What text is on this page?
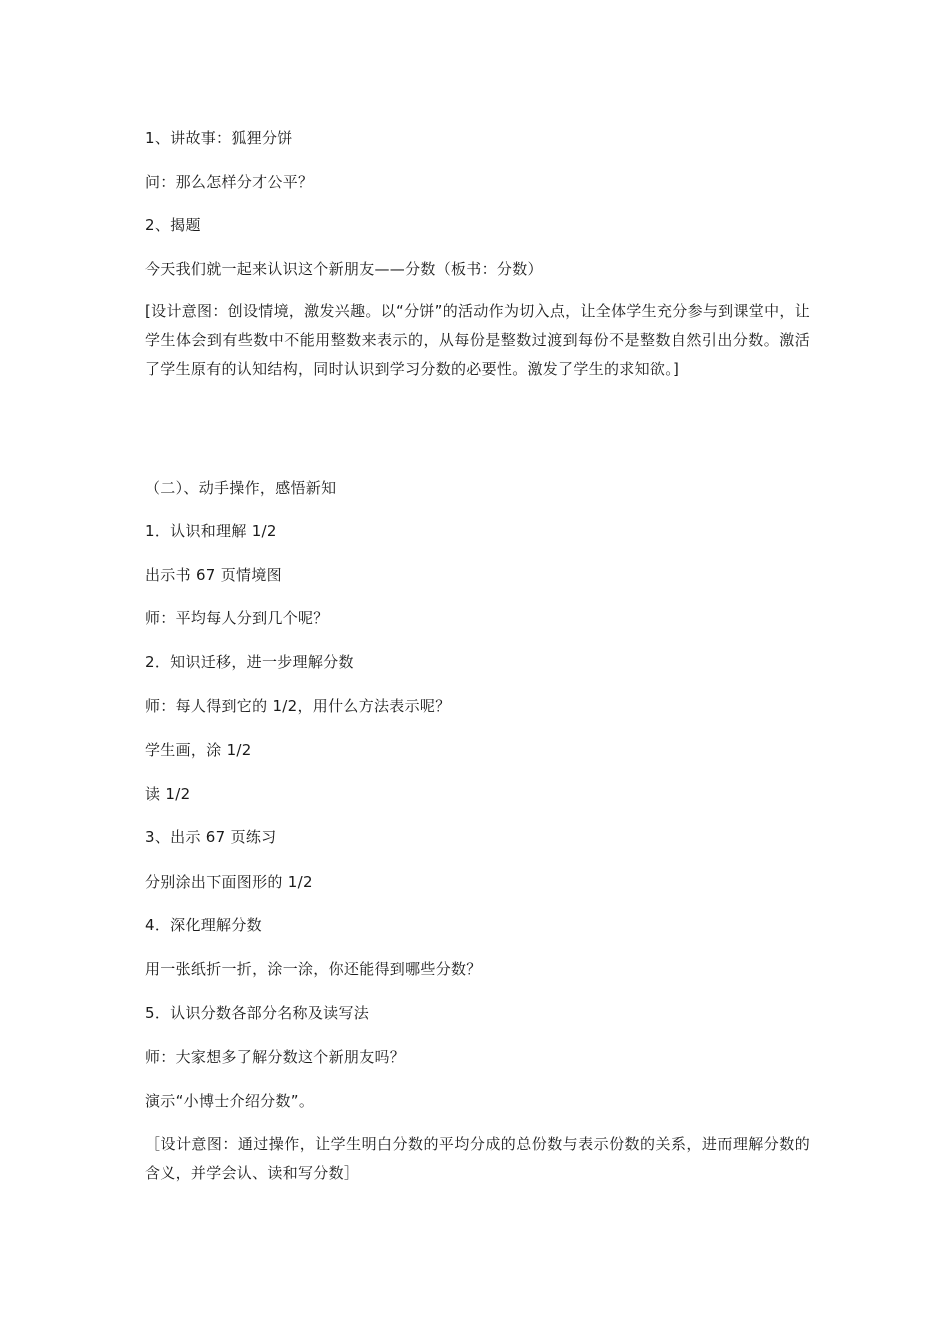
1、讲故事：狐狸分饼
问：那么怎样分才公平？
2、揭题
今天我们就一起来认识这个新朋友——分数（板书：分数）
[设计意图：创设情境，激发兴趣。以“分饼”的活动作为切入点，让全体学生充分参与到课堂中，让学生体会到有些数中不能用整数来表示的，从每份是整数过渡到每份不是整数自然引出分数。激活了学生原有的认知结构，同时认识到学习分数的必要性。激发了学生的求知欲。]
（二）、动手操作，感悟新知
1．认识和理解 1/2
出示书 67 页情境图
师：平均每人分到几个呢？
2．知识迁移，进一步理解分数
师：每人得到它的 1/2，用什么方法表示呢？
学生画，涂 1/2
读 1/2
3、出示 67 页练习
分别涂出下面图形的 1/2
4．深化理解分数
用一张纸折一折，涂一涂，你还能得到哪些分数？
5．认识分数各部分名称及读写法
师：大家想多了解分数这个新朋友吗？
演示“小博士介绍分数”。
［设计意图：通过操作，让学生明白分数的平均分成的总份数与表示份数的关系，进而理解分数的含义，并学会认、读和写分数］
